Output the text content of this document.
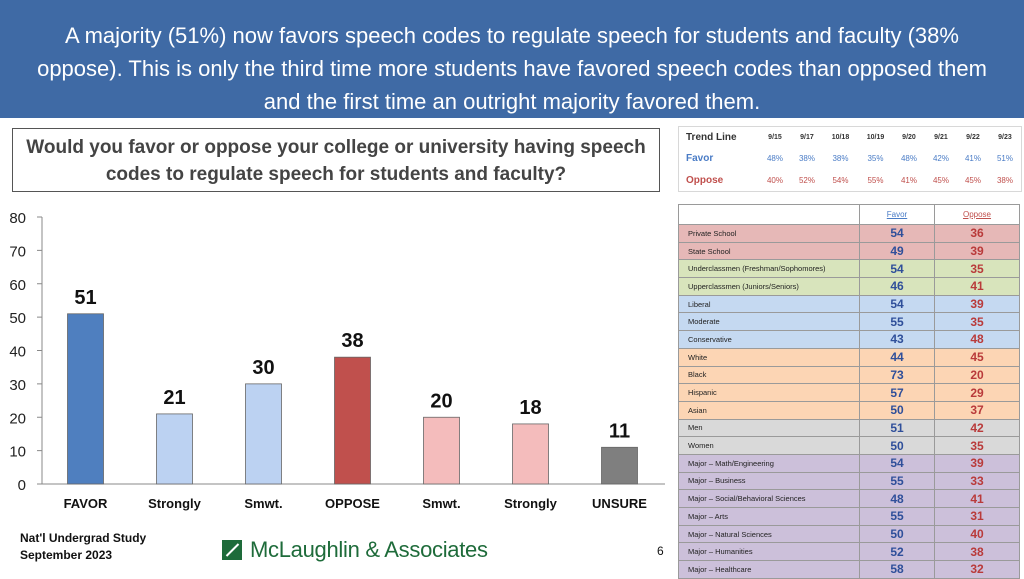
A majority (51%) now favors speech codes to regulate speech for students and faculty (38% oppose). This is only the third time more students have favored speech codes than opposed them and the first time an outright majority favored them.
Would you favor or oppose your college or university having speech codes to regulate speech for students and faculty?
Trend Line	9/15	9/17	10/18	10/19	9/20	9/21	9/22	9/23
Favor	48%	38%	38%	35%	48%	42%	41%	51%
Oppose	40%	52%	54%	55%	41%	45%	45%	38%
0
10
20
30
40
50
60
70
80
51
FAVOR
21
Strongly
30
Smwt.
38
OPPOSE
20
Smwt.
18
Strongly
11
UNSURE
	Favor	Oppose
Private School	54	36
State School	49	39
Underclassmen (Freshman/Sophomores)	54	35
Upperclassmen (Juniors/Seniors)	46	41
Liberal	54	39
Moderate	55	35
Conservative	43	48
White	44	45
Black	73	20
Hispanic	57	29
Asian	50	37
Men	51	42
Women	50	35
Major – Math/Engineering	54	39
Major – Business	55	33
Major – Social/Behavioral Sciences	48	41
Major – Arts	55	31
Major – Natural Sciences	50	40
Major – Humanities	52	38
Major – Healthcare	58	32
Nat'l Undergrad Study
September 2023	McLaughlin & Associates	6
